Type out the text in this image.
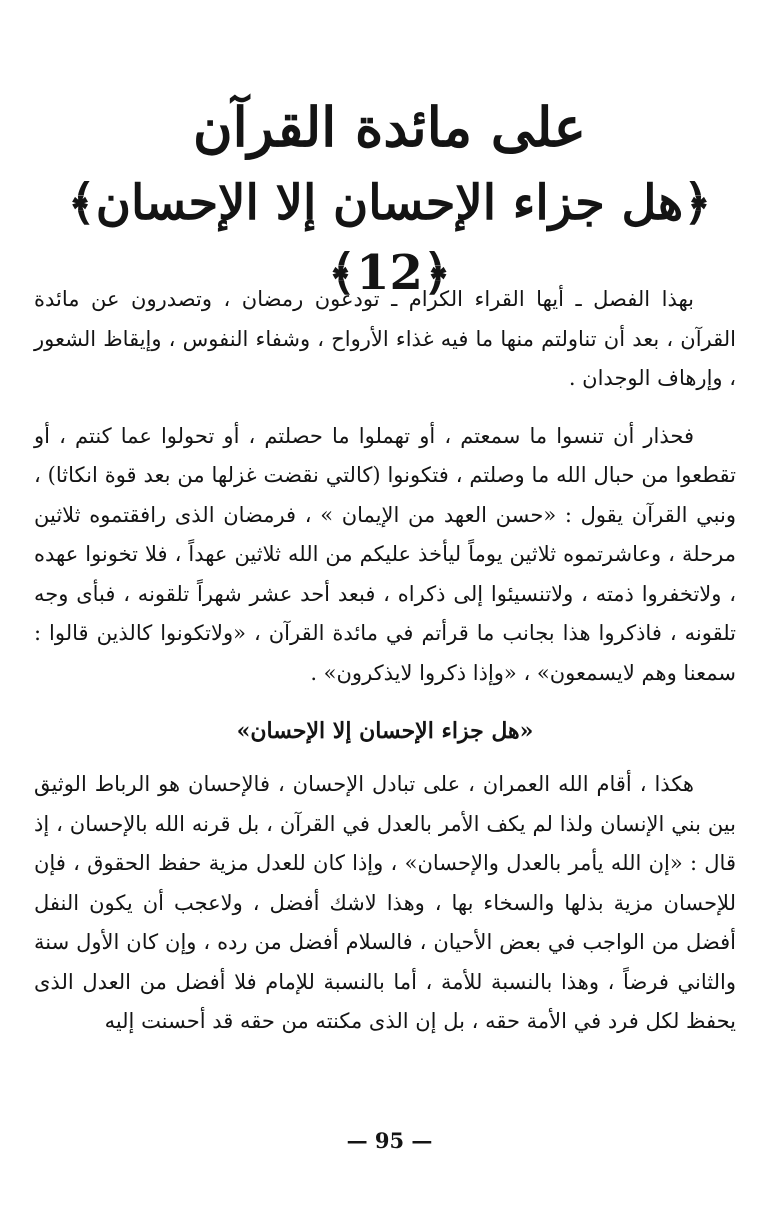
على مائدة القرآن
﴿هل جزاء الإحسان إلا الإحسان﴾ ﴿12﴾

بهذا الفصل ـ أيها القراء الكرام ـ تودعون رمضان ، وتصدرون عن مائدة القرآن ، بعد أن تناولتم منها ما فيه غذاء الأرواح ، وشفاء النفوس ، وإيقاظ الشعور ، وإرهاف الوجدان .

فحذار أن تنسوا ما سمعتم ، أو تهملوا ما حصلتم ، أو تحولوا عما كنتم ، أو تقطعوا من حبال الله ما وصلتم ، فتكونوا (كالتي نقضت غزلها من بعد قوة انكاثا) ، ونبي القرآن يقول : «حسن العهد من الإيمان » ، فرمضان الذى رافقتموه ثلاثين مرحلة ، وعاشرتموه ثلاثين يوماً ليأخذ عليكم من الله ثلاثين عهداً ، فلا تخونوا عهده ، ولاتخفروا ذمته ، ولاتنسيئوا إلى ذكراه ، فبعد أحد عشر شهراً تلقونه ، فبأى وجه تلقونه ، فاذكروا هذا بجانب ما قرأتم في مائدة القرآن ، «ولاتكونوا كالذين قالوا : سمعنا وهم لايسمعون» ، «وإذا ذكروا لايذكرون» .

«هل جزاء الإحسان إلا الإحسان»

هكذا ، أقام الله العمران ، على تبادل الإحسان ، فالإحسان هو الرباط الوثيق بين بني الإنسان ولذا لم يكف الأمر بالعدل في القرآن ، بل قرنه الله بالإحسان ، إذ قال : «إن الله يأمر بالعدل والإحسان» ، وإذا كان للعدل مزية حفظ الحقوق ، فإن للإحسان مزية بذلها والسخاء بها ، وهذا لاشك أفضل ، ولاعجب أن يكون النفل أفضل من الواجب في بعض الأحيان ، فالسلام أفضل من رده ، وإن كان الأول سنة والثاني فرضاً ، وهذا بالنسبة للأمة ، أما بالنسبة للإمام فلا أفضل من العدل الذى يحفظ لكل فرد في الأمة حقه ، بل إن الذى مكنته من حقه قد أحسنت إليه

— 95 —
